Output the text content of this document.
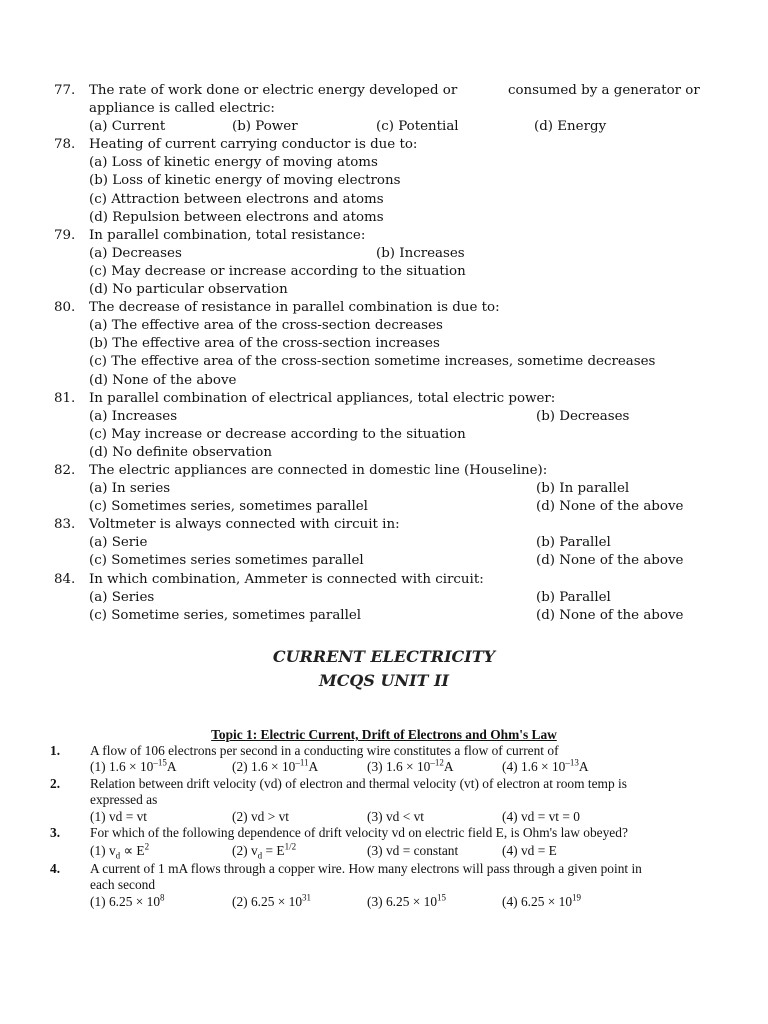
77. The rate of work done or electric energy developed or	consumed by a generator or
appliance is called electric:
(a) Current	(b) Power	(c) Potential	(d) Energy
78. Heating of current carrying conductor is due to:
(a) Loss of kinetic energy of moving atoms
(b) Loss of kinetic energy of moving electrons
(c) Attraction between electrons and atoms
(d) Repulsion between electrons and atoms
79. In parallel combination, total resistance:
(a) Decreases	(b) Increases
(c) May decrease or increase according to the situation
(d) No particular observation
80. The decrease of resistance in parallel combination is due to:
(a) The effective area of the cross-section decreases
(b) The effective area of the cross-section increases
(c) The effective area of the cross-section sometime increases, sometime decreases
(d) None of the above
81. In parallel combination of electrical appliances, total electric power:
(a) Increases	(b) Decreases
(c) May increase or decrease according to the situation
(d) No definite observation
82. The electric appliances are connected in domestic line (Houseline):
(a) In series	(b) In parallel
(c) Sometimes series, sometimes parallel	(d) None of the above
83. Voltmeter is always connected with circuit in:
(a) Serie	(b) Parallel
(c) Sometimes series sometimes parallel	(d) None of the above
84. In which combination, Ammeter is connected with circuit:
(a) Series	(b) Parallel
(c) Sometime series, sometimes parallel	(d) None of the above
CURRENT ELECTRICITY
MCQS UNIT II
Topic 1: Electric Current, Drift of Electrons and Ohm's Law
1. A flow of 106 electrons per second in a conducting wire constitutes a flow of current of
(1) $1.6 \times 10^{-15}A$	(2) $1.6 \times 10^{-11}A$	(3) $1.6 \times 10^{-12}A$	(4) $1.6 \times 10^{-13}A$
2. Relation between drift velocity (vd) of electron and thermal velocity (vt) of electron at room temp is
expressed as
(1) vd = vt	(2) vd > vt	(3) vd < vt	(4) vd = vt = 0
3. For which of the following dependence of drift velocity vd on electric field E, is Ohm's law obeyed?
(1) $v_d \propto E^2$	(2) $v_d = E^{1/2}$	(3) vd = constant	(4) vd = E
4. A current of 1 mA flows through a copper wire. How many electrons will pass through a given point in
each second
(1) $6.25 \times 10^8$	(2) $6.25 \times 10^{31}$	(3) $6.25 \times 10^{15}$	(4) $6.25 \times 10^{19}$
